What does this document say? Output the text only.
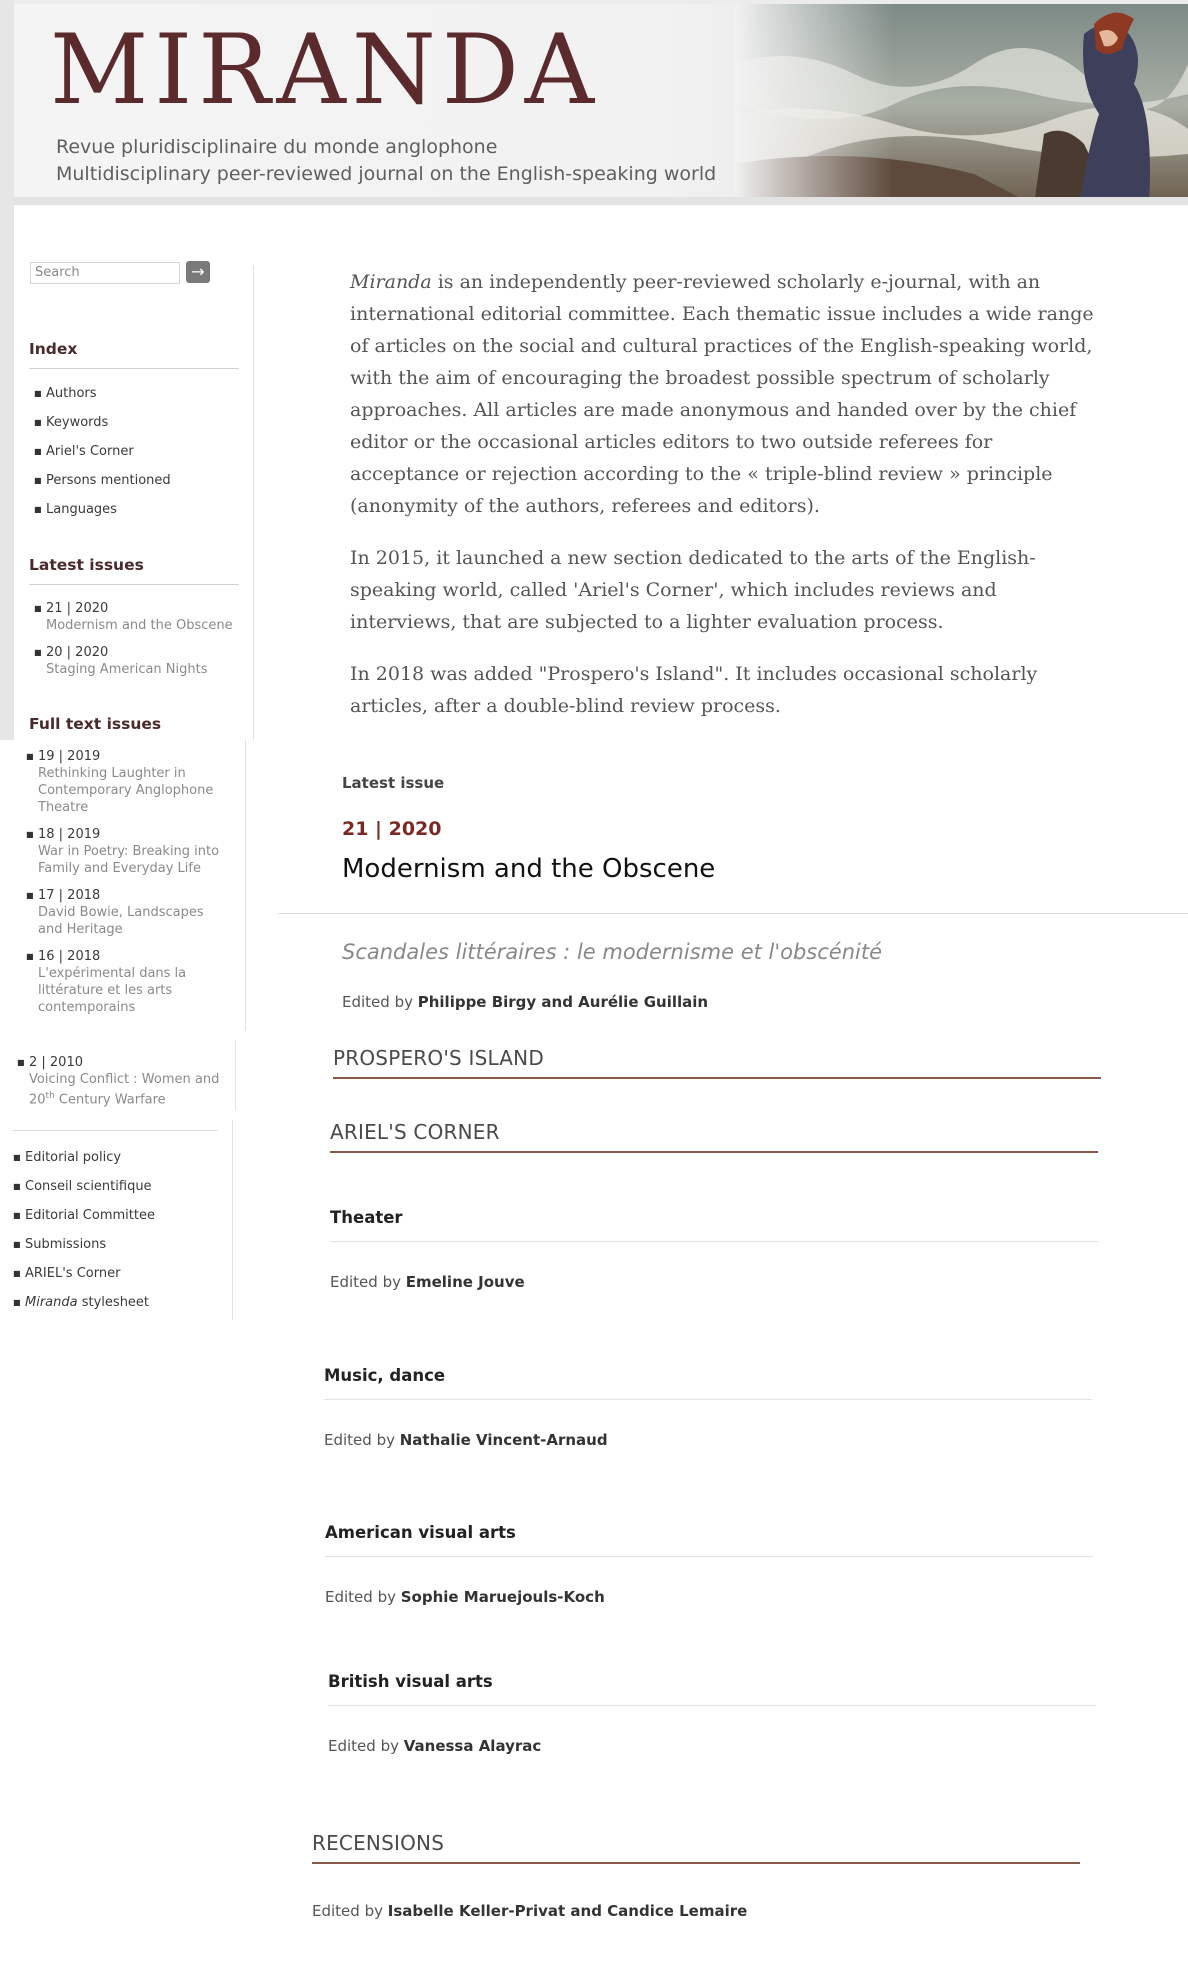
MIRANDA
Revue pluridisciplinaire du monde anglophone
Multidisciplinary peer-reviewed journal on the English-speaking world
Search	→
Index
■ Authors
■ Keywords
■ Ariel's Corner
■ Persons mentioned
■ Languages
Latest issues
■ 21 | 2020
Modernism and the Obscene
■ 20 | 2020
Staging American Nights
Full text issues
■ 19 | 2019
Rethinking Laughter in Contemporary Anglophone Theatre
■ 18 | 2019
War in Poetry: Breaking into Family and Everyday Life
■ 17 | 2018
David Bowie, Landscapes and Heritage
■ 16 | 2018
L'expérimental dans la littérature et les arts contemporains
■ 2 | 2010
Voicing Conflict : Women and 20th Century Warfare
■ Editorial policy
■ Conseil scientifique
■ Editorial Committee
■ Submissions
■ ARIEL's Corner
■ Miranda stylesheet

Miranda is an independently peer-reviewed scholarly e-journal, with an international editorial committee. Each thematic issue includes a wide range of articles on the social and cultural practices of the English-speaking world, with the aim of encouraging the broadest possible spectrum of scholarly approaches. All articles are made anonymous and handed over by the chief editor or the occasional articles editors to two outside referees for acceptance or rejection according to the « triple-blind review » principle (anonymity of the authors, referees and editors).

In 2015, it launched a new section dedicated to the arts of the English-speaking world, called 'Ariel's Corner', which includes reviews and interviews, that are subjected to a lighter evaluation process.

In 2018 was added "Prospero's Island". It includes occasional scholarly articles, after a double-blind review process.

Latest issue
21 | 2020
Modernism and the Obscene
Scandales littéraires : le modernisme et l'obscénité
Edited by Philippe Birgy and Aurélie Guillain
PROSPERO'S ISLAND
ARIEL'S CORNER
Theater
Edited by Emeline Jouve
Music, dance
Edited by Nathalie Vincent-Arnaud
American visual arts
Edited by Sophie Maruejouls-Koch
British visual arts
Edited by Vanessa Alayrac
RECENSIONS
Edited by Isabelle Keller-Privat and Candice Lemaire
